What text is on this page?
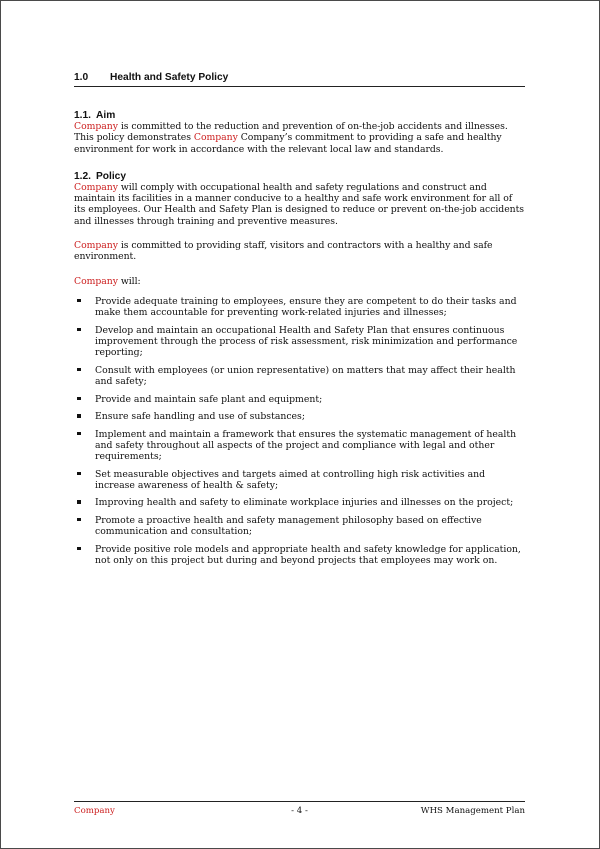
1.0	Health and Safety Policy
1.1. Aim

Company is committed to the reduction and prevention of on-the-job accidents and illnesses. This policy demonstrates Company Company’s commitment to providing a safe and healthy environment for work in accordance with the relevant local law and standards.

1.2. Policy

Company will comply with occupational health and safety regulations and construct and maintain its facilities in a manner conducive to a healthy and safe work environment for all of its employees. Our Health and Safety Plan is designed to reduce or prevent on-the-job accidents and illnesses through training and preventive measures.

Company is committed to providing staff, visitors and contractors with a healthy and safe environment.

Company will:

Provide adequate training to employees, ensure they are competent to do their tasks and make them accountable for preventing work-related injuries and illnesses;
Develop and maintain an occupational Health and Safety Plan that ensures continuous improvement through the process of risk assessment, risk minimization and performance reporting;
Consult with employees (or union representative) on matters that may affect their health and safety;
Provide and maintain safe plant and equipment;
Ensure safe handling and use of substances;
Implement and maintain a framework that ensures the systematic management of health and safety throughout all aspects of the project and compliance with legal and other requirements;
Set measurable objectives and targets aimed at controlling high risk activities and increase awareness of health & safety;
Improving health and safety to eliminate workplace injuries and illnesses on the project;
Promote a proactive health and safety management philosophy based on effective communication and consultation;
Provide positive role models and appropriate health and safety knowledge for application, not only on this project but during and beyond projects that employees may work on.
Company	- 4 -	WHS Management Plan
